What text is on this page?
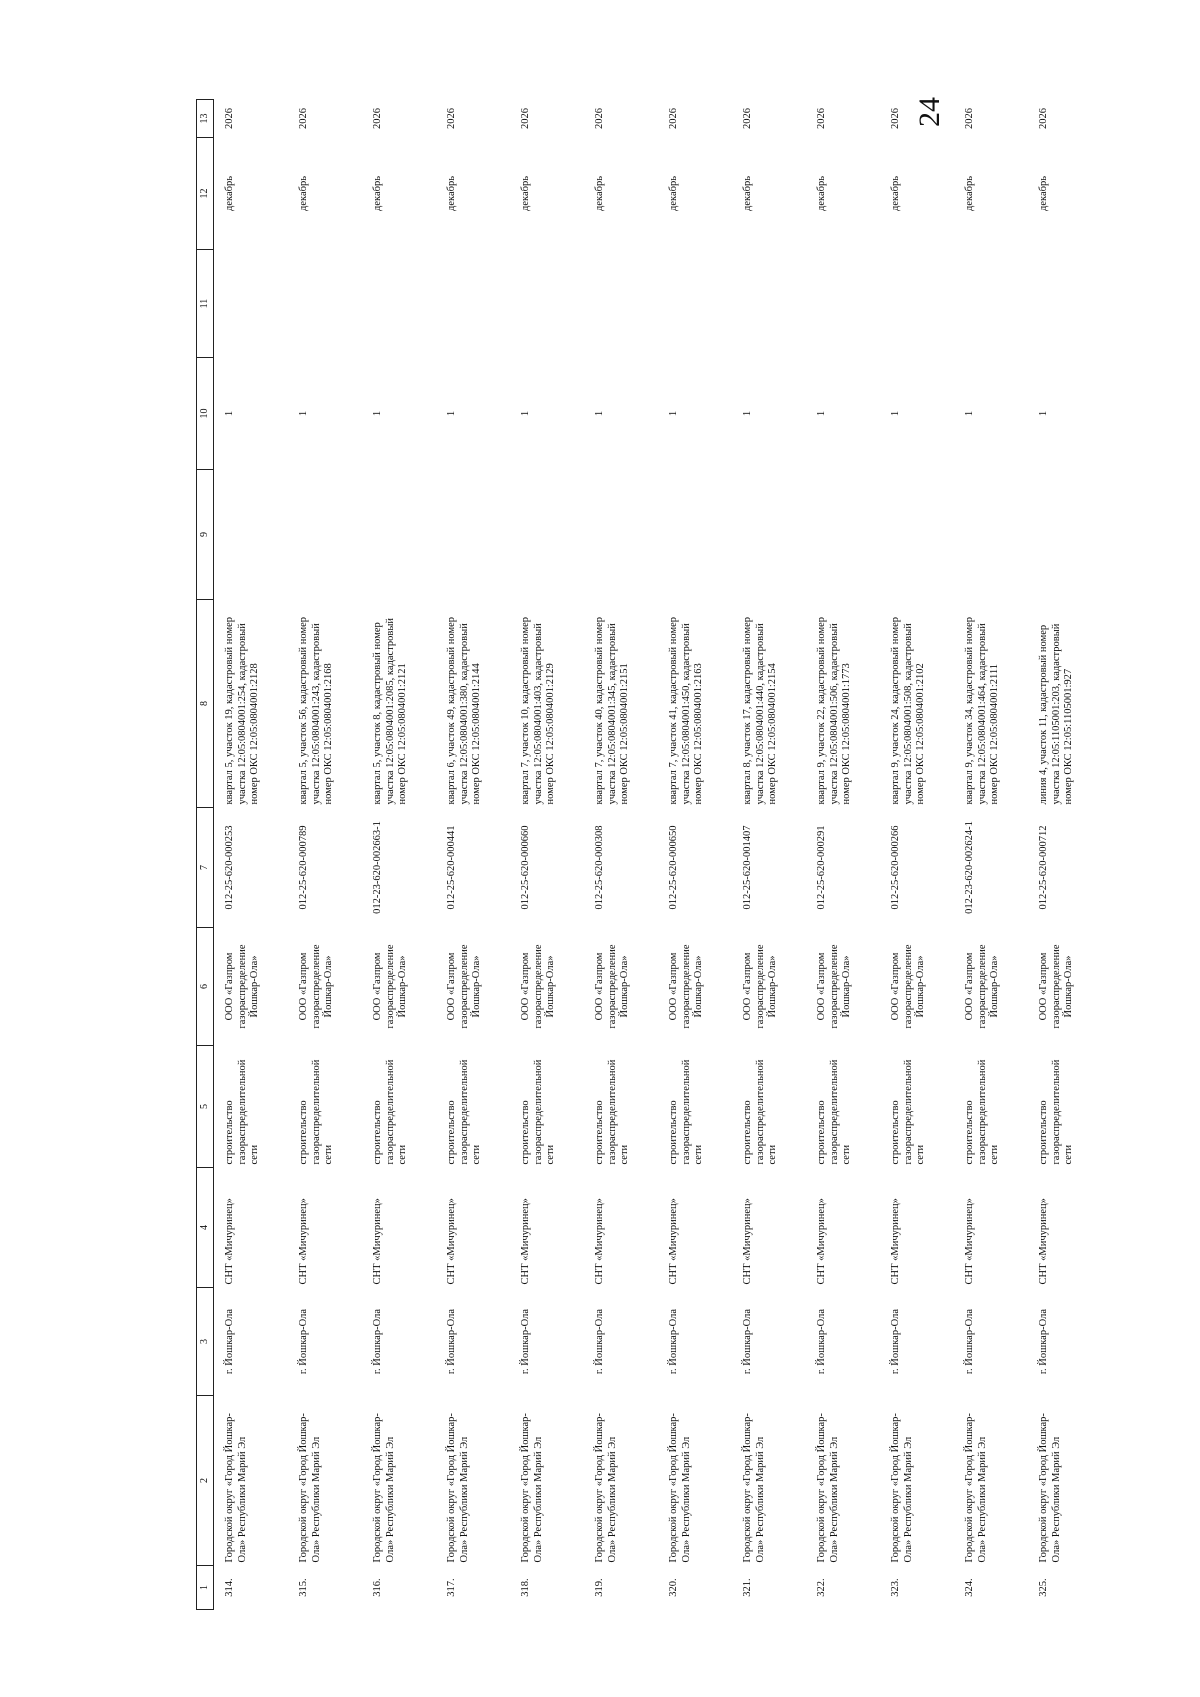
24
1	2	3	4	5	6	7	8	9	10	11	12	13
314.	Городской округ «Город Йошкар-Ола» Республики Марий Эл	г. Йошкар-Ола	СНТ «Мичуринец»	строительство газораспределительной сети	ООО «Газпром газораспределение Йошкар-Ола»	012-25-620-000253	квартал 5, участок 19, кадастровый номер участка 12:05:0804001:254, кадастровый номер ОКС 12:05:0804001:2128		1		декабрь	2026
315.	Городской округ «Город Йошкар-Ола» Республики Марий Эл	г. Йошкар-Ола	СНТ «Мичуринец»	строительство газораспределительной сети	ООО «Газпром газораспределение Йошкар-Ола»	012-25-620-000789	квартал 5, участок 56, кадастровый номер участка 12:05:0804001:243, кадастровый номер ОКС 12:05:0804001:2168		1		декабрь	2026
316.	Городской округ «Город Йошкар-Ола» Республики Марий Эл	г. Йошкар-Ола	СНТ «Мичуринец»	строительство газораспределительной сети	ООО «Газпром газораспределение Йошкар-Ола»	012-23-620-002663-1	квартал 5, участок 8, кадастровый номер участка 12:05:0804001:2085, кадастровый номер ОКС 12:05:0804001:2121		1		декабрь	2026
317.	Городской округ «Город Йошкар-Ола» Республики Марий Эл	г. Йошкар-Ола	СНТ «Мичуринец»	строительство газораспределительной сети	ООО «Газпром газораспределение Йошкар-Ола»	012-25-620-000441	квартал 6, участок 49, кадастровый номер участка 12:05:0804001:380, кадастровый номер ОКС 12:05:0804001:2144		1		декабрь	2026
318.	Городской округ «Город Йошкар-Ола» Республики Марий Эл	г. Йошкар-Ола	СНТ «Мичуринец»	строительство газораспределительной сети	ООО «Газпром газораспределение Йошкар-Ола»	012-25-620-000660	квартал 7, участок 10, кадастровый номер участка 12:05:0804001:403, кадастровый номер ОКС 12:05:0804001:2129		1		декабрь	2026
319.	Городской округ «Город Йошкар-Ола» Республики Марий Эл	г. Йошкар-Ола	СНТ «Мичуринец»	строительство газораспределительной сети	ООО «Газпром газораспределение Йошкар-Ола»	012-25-620-000308	квартал 7, участок 40, кадастровый номер участка 12:05:0804001:345, кадастровый номер ОКС 12:05:0804001:2151		1		декабрь	2026
320.	Городской округ «Город Йошкар-Ола» Республики Марий Эл	г. Йошкар-Ола	СНТ «Мичуринец»	строительство газораспределительной сети	ООО «Газпром газораспределение Йошкар-Ола»	012-25-620-000650	квартал 7, участок 41, кадастровый номер участка 12:05:0804001:450, кадастровый номер ОКС 12:05:0804001:2163		1		декабрь	2026
321.	Городской округ «Город Йошкар-Ола» Республики Марий Эл	г. Йошкар-Ола	СНТ «Мичуринец»	строительство газораспределительной сети	ООО «Газпром газораспределение Йошкар-Ола»	012-25-620-001407	квартал 8, участок 17, кадастровый номер участка 12:05:0804001:440, кадастровый номер ОКС 12:05:0804001:2154		1		декабрь	2026
322.	Городской округ «Город Йошкар-Ола» Республики Марий Эл	г. Йошкар-Ола	СНТ «Мичуринец»	строительство газораспределительной сети	ООО «Газпром газораспределение Йошкар-Ола»	012-25-620-000291	квартал 9, участок 22, кадастровый номер участка 12:05:0804001:506, кадастровый номер ОКС 12:05:0804001:1773		1		декабрь	2026
323.	Городской округ «Город Йошкар-Ола» Республики Марий Эл	г. Йошкар-Ола	СНТ «Мичуринец»	строительство газораспределительной сети	ООО «Газпром газораспределение Йошкар-Ола»	012-25-620-000266	квартал 9, участок 24, кадастровый номер участка 12:05:0804001:508, кадастровый номер ОКС 12:05:0804001:2102		1		декабрь	2026
324.	Городской округ «Город Йошкар-Ола» Республики Марий Эл	г. Йошкар-Ола	СНТ «Мичуринец»	строительство газораспределительной сети	ООО «Газпром газораспределение Йошкар-Ола»	012-23-620-002624-1	квартал 9, участок 34, кадастровый номер участка 12:05:0804001:464, кадастровый номер ОКС 12:05:0804001:2111		1		декабрь	2026
325.	Городской округ «Город Йошкар-Ола» Республики Марий Эл	г. Йошкар-Ола	СНТ «Мичуринец»	строительство газораспределительной сети	ООО «Газпром газораспределение Йошкар-Ола»	012-25-620-000712	линия 4, участок 11, кадастровый номер участка 12:05:1105001:203, кадастровый номер ОКС 12:05:1105001:927		1		декабрь	2026
